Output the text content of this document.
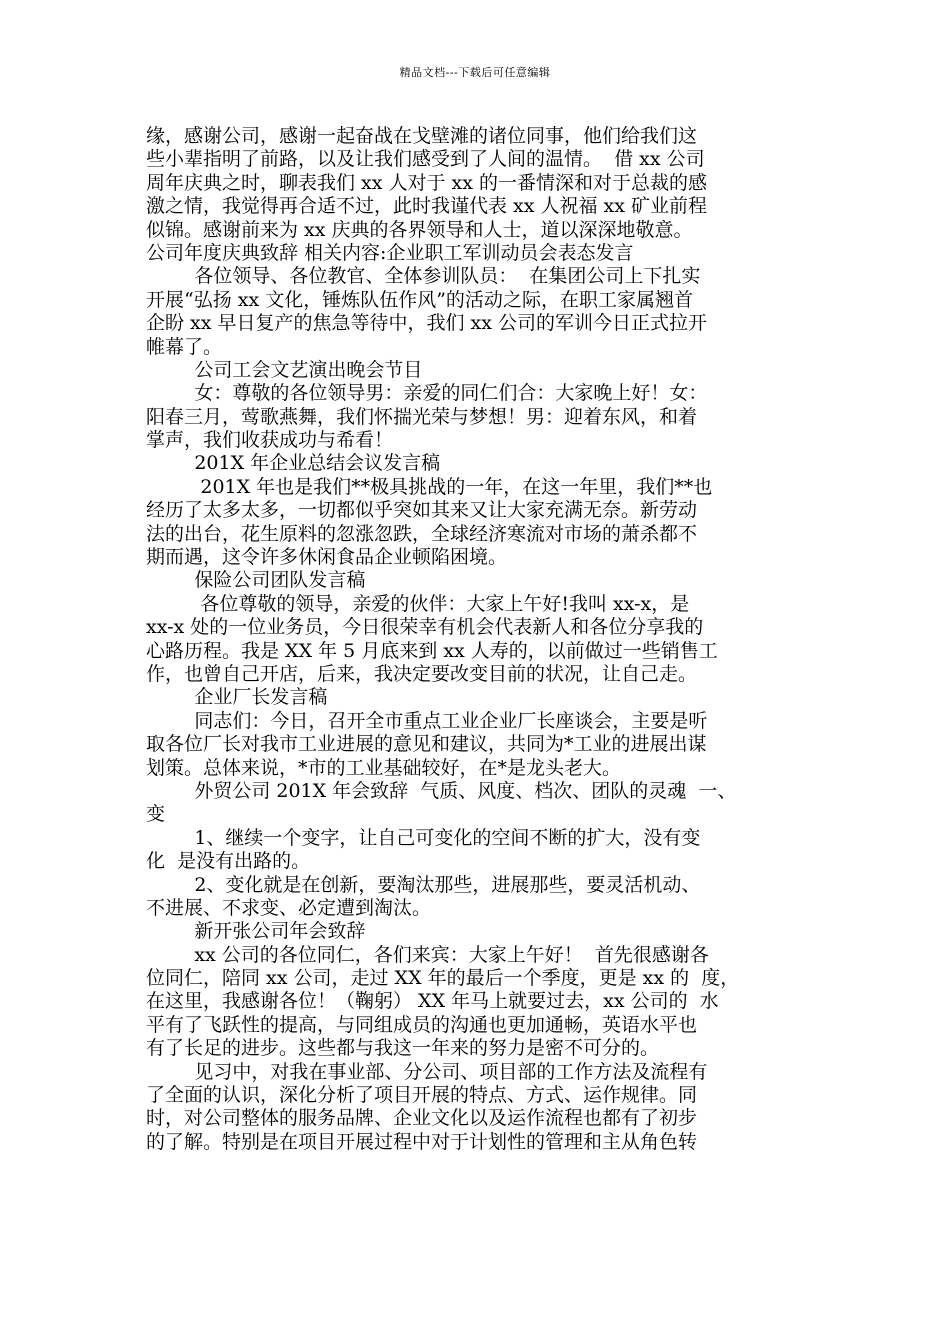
精品文档---下载后可任意编辑
缘，感谢公司，感谢一起奋战在戈壁滩的诸位同事，他们给我们这
些小辈指明了前路，以及让我们感受到了人间的温情。  借 xx 公司
周年庆典之时，聊表我们 xx 人对于 xx 的一番情深和对于总裁的感
激之情，我觉得再合适不过，此时我谨代表 xx 人祝福 xx 矿业前程
似锦。感谢前来为 xx 庆典的各界领导和人士，道以深深地敬意。
公司年度庆典致辞 相关内容:企业职工军训动员会表态发言
各位领导、各位教官、全体参训队员：  在集团公司上下扎实
开展“弘扬 xx 文化，锤炼队伍作风”的活动之际，在职工家属翘首
企盼 xx 早日复产的焦急等待中，我们 xx 公司的军训今日正式拉开
帷幕了。
公司工会文艺演出晚会节目
女：尊敬的各位领导男：亲爱的同仁们合：大家晚上好！女：
阳春三月，莺歌燕舞，我们怀揣光荣与梦想！男：迎着东风，和着
掌声，我们收获成功与希看！
201X 年企业总结会议发言稿
201X 年也是我们**极具挑战的一年，在这一年里，我们**也
经历了太多太多，一切都似乎突如其来又让大家充满无奈。新劳动
法的出台，花生原料的忽涨忽跌，全球经济寒流对市场的萧杀都不
期而遇，这令许多休闲食品企业顿陷困境。
保险公司团队发言稿
各位尊敬的领导，亲爱的伙伴：大家上午好!我叫 xx-x，是
xx-x 处的一位业务员，今日很荣幸有机会代表新人和各位分享我的
心路历程。我是 XX 年 5 月底来到 xx 人寿的，以前做过一些销售工
作，也曾自己开店，后来，我决定要改变目前的状况，让自己走。
企业厂长发言稿
同志们：今日，召开全市重点工业企业厂长座谈会，主要是听
取各位厂长对我市工业进展的意见和建议，共同为*工业的进展出谋
划策。总体来说，*市的工业基础较好，在*是龙头老大。
外贸公司 201X 年会致辞  气质、风度、档次、团队的灵魂  一、
变
1、继续一个变字，让自己可变化的空间不断的扩大，没有变
化  是没有出路的。
2、变化就是在创新，要淘汰那些，进展那些，要灵活机动、
不进展、不求变、必定遭到淘汰。
新开张公司年会致辞
xx 公司的各位同仁，各们来宾：大家上午好！  首先很感谢各
位同仁，陪同 xx 公司，走过 XX 年的最后一个季度，更是 xx 的  度，
在这里，我感谢各位！（鞠躬） XX 年马上就要过去，xx 公司的  水
平有了飞跃性的提高，与同组成员的沟通也更加通畅，英语水平也
有了长足的进步。这些都与我这一年来的努力是密不可分的。
见习中，对我在事业部、分公司、项目部的工作方法及流程有
了全面的认识，深化分析了项目开展的特点、方式、运作规律。同
时，对公司整体的服务品牌、企业文化以及运作流程也都有了初步
的了解。特别是在项目开展过程中对于计划性的管理和主从角色转
